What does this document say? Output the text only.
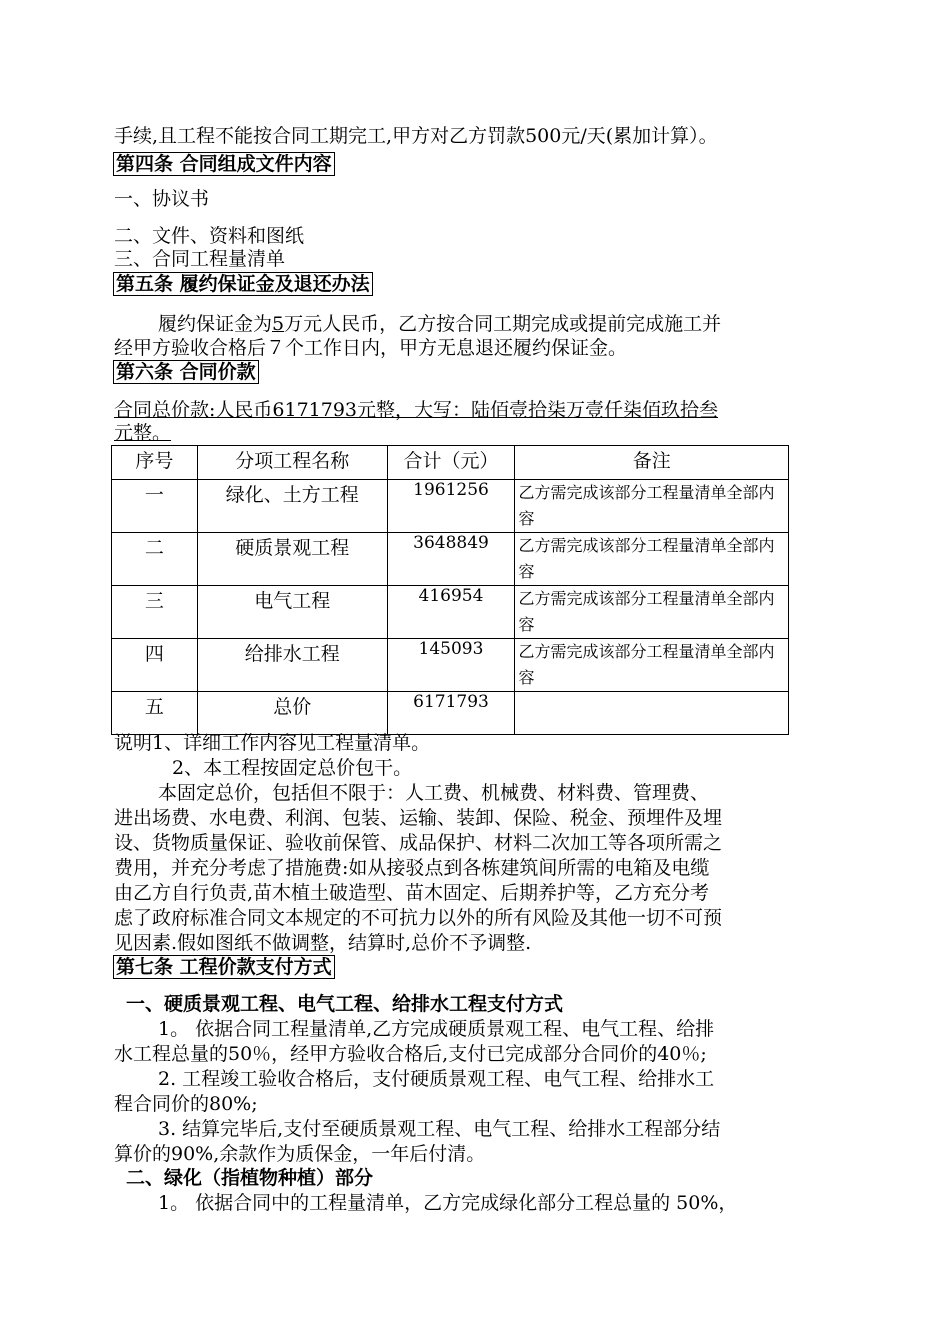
手续,且工程不能按合同工期完工,甲方对乙方罚款500元/天(累加计算）。
第四条 合同组成文件内容
一、协议书
二、文件、资料和图纸
三、合同工程量清单
第五条 履约保证金及退还办法
履约保证金为5万元人民币，乙方按合同工期完成或提前完成施工并
经甲方验收合格后７个工作日内，甲方无息退还履约保证金。
第六条 合同价款
合同总价款:人民币6171793元整，大写：陆佰壹拾柒万壹仟柒佰玖拾叁
元整。
序号	分项工程名称	合计（元）	备注
一	绿化、土方工程	1961256	乙方需完成该部分工程量清单全部内容
二	硬质景观工程	3648849	乙方需完成该部分工程量清单全部内容
三	电气工程	416954	乙方需完成该部分工程量清单全部内容
四	给排水工程	145093	乙方需完成该部分工程量清单全部内容
五	总价	6171793	
说明1、详细工作内容见工程量清单。
2、本工程按固定总价包干。
本固定总价，包括但不限于：人工费、机械费、材料费、管理费、
进出场费、水电费、利润、包装、运输、装卸、保险、税金、预埋件及埋
设、货物质量保证、验收前保管、成品保护、材料二次加工等各项所需之
费用，并充分考虑了措施费:如从接驳点到各栋建筑间所需的电箱及电缆
由乙方自行负责,苗木植土破造型、苗木固定、后期养护等，乙方充分考
虑了政府标准合同文本规定的不可抗力以外的所有风险及其他一切不可预
见因素.假如图纸不做调整，结算时,总价不予调整.
第七条 工程价款支付方式
一、硬质景观工程、电气工程、给排水工程支付方式
1。 依据合同工程量清单,乙方完成硬质景观工程、电气工程、给排
水工程总量的50％，经甲方验收合格后,支付已完成部分合同价的40％;
2. 工程竣工验收合格后，支付硬质景观工程、电气工程、给排水工
程合同价的80%;
3. 结算完毕后,支付至硬质景观工程、电气工程、给排水工程部分结
算价的90%,余款作为质保金，一年后付清。
二、绿化（指植物种植）部分
1。 依据合同中的工程量清单，乙方完成绿化部分工程总量的 50%，
